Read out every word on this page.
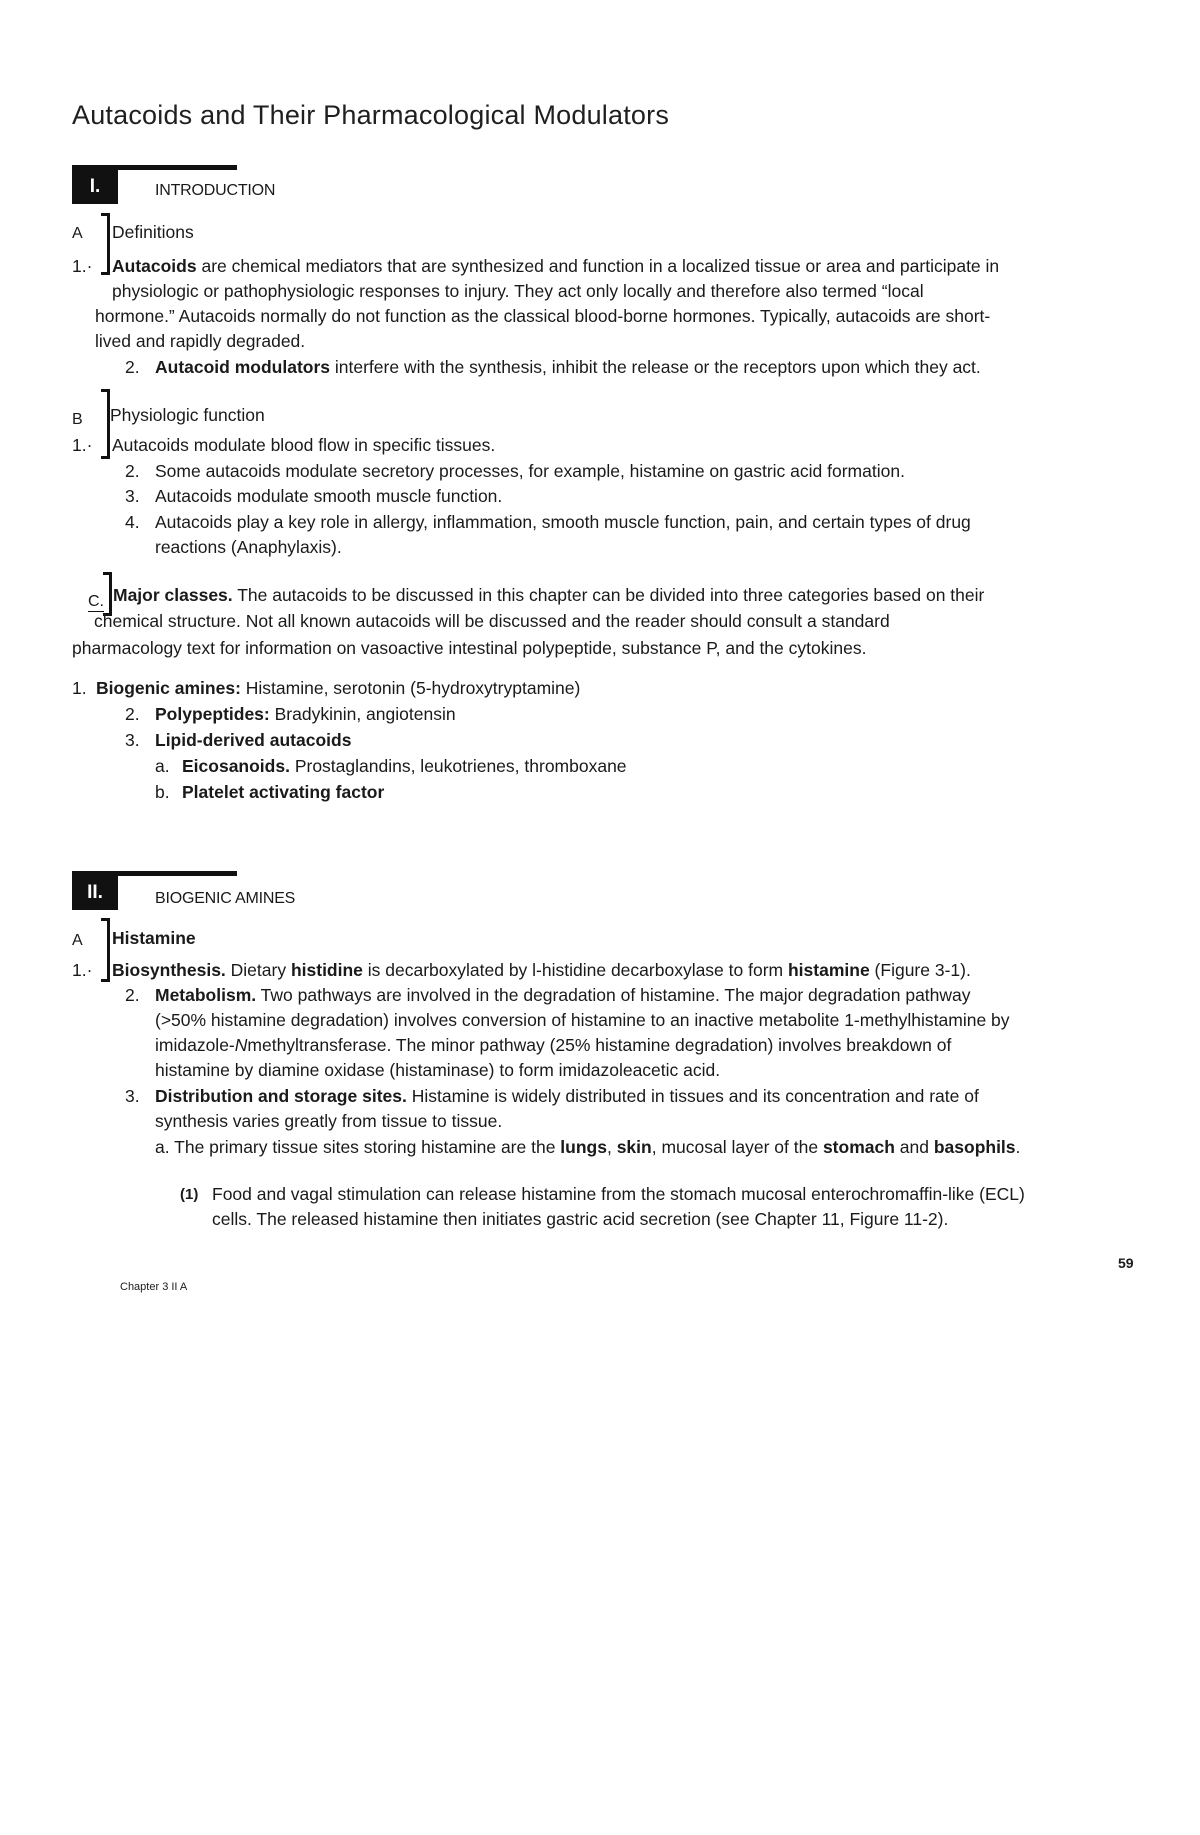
Autacoids and Their Pharmacological Modulators
I.	INTRODUCTION
A Definitions
1.· Autacoids are chemical mediators that are synthesized and function in a localized tissue or area and participate in
physiologic or pathophysiologic responses to injury. They act only locally and therefore also termed “local
hormone.” Autacoids normally do not function as the classical blood-borne hormones. Typically, autacoids are short-
lived and rapidly degraded.
2. Autacoid modulators interfere with the synthesis, inhibit the release or the receptors upon which they act.
B Physiologic function
1.· Autacoids modulate blood flow in specific tissues.
2. Some autacoids modulate secretory processes, for example, histamine on gastric acid formation.
3. Autacoids modulate smooth muscle function.
4. Autacoids play a key role in allergy, inflammation, smooth muscle function, pain, and certain types of drug
reactions (Anaphylaxis).
C. Major classes. The autacoids to be discussed in this chapter can be divided into three categories based on their
chemical structure. Not all known autacoids will be discussed and the reader should consult a standard
pharmacology text for information on vasoactive intestinal polypeptide, substance P, and the cytokines.
1. Biogenic amines: Histamine, serotonin (5-hydroxytryptamine)
2. Polypeptides: Bradykinin, angiotensin
3. Lipid-derived autacoids
a. Eicosanoids. Prostaglandins, leukotrienes, thromboxane
b. Platelet activating factor
II.	BIOGENIC AMINES
A Histamine
1.· Biosynthesis. Dietary histidine is decarboxylated by l-histidine decarboxylase to form histamine (Figure 3-1).
2. Metabolism. Two pathways are involved in the degradation of histamine. The major degradation pathway
(>50% histamine degradation) involves conversion of histamine to an inactive metabolite 1-methylhistamine by
imidazole-Nmethyltransferase. The minor pathway (25% histamine degradation) involves breakdown of
histamine by diamine oxidase (histaminase) to form imidazoleacetic acid.
3. Distribution and storage sites. Histamine is widely distributed in tissues and its concentration and rate of
synthesis varies greatly from tissue to tissue.
a. The primary tissue sites storing histamine are the lungs, skin, mucosal layer of the stomach and basophils.
(1) Food and vagal stimulation can release histamine from the stomach mucosal enterochromaffin-like (ECL)
cells. The released histamine then initiates gastric acid secretion (see Chapter 11, Figure 11-2).
59
Chapter 3 II A
